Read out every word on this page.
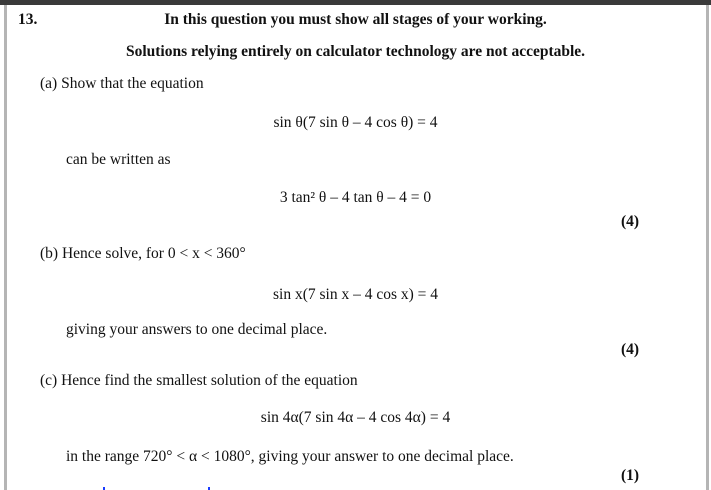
13.	In this question you must show all stages of your working.
Solutions relying entirely on calculator technology are not acceptable.
(a) Show that the equation
sin θ(7 sin θ – 4 cos θ) = 4
can be written as
3 tan² θ – 4 tan θ – 4 = 0
(4)
(b) Hence solve, for 0 < x < 360°
sin x(7 sin x – 4 cos x) = 4
giving your answers to one decimal place.
(4)
(c) Hence find the smallest solution of the equation
sin 4α(7 sin 4α – 4 cos 4α) = 4
in the range 720° < α < 1080°, giving your answer to one decimal place.
(1)
